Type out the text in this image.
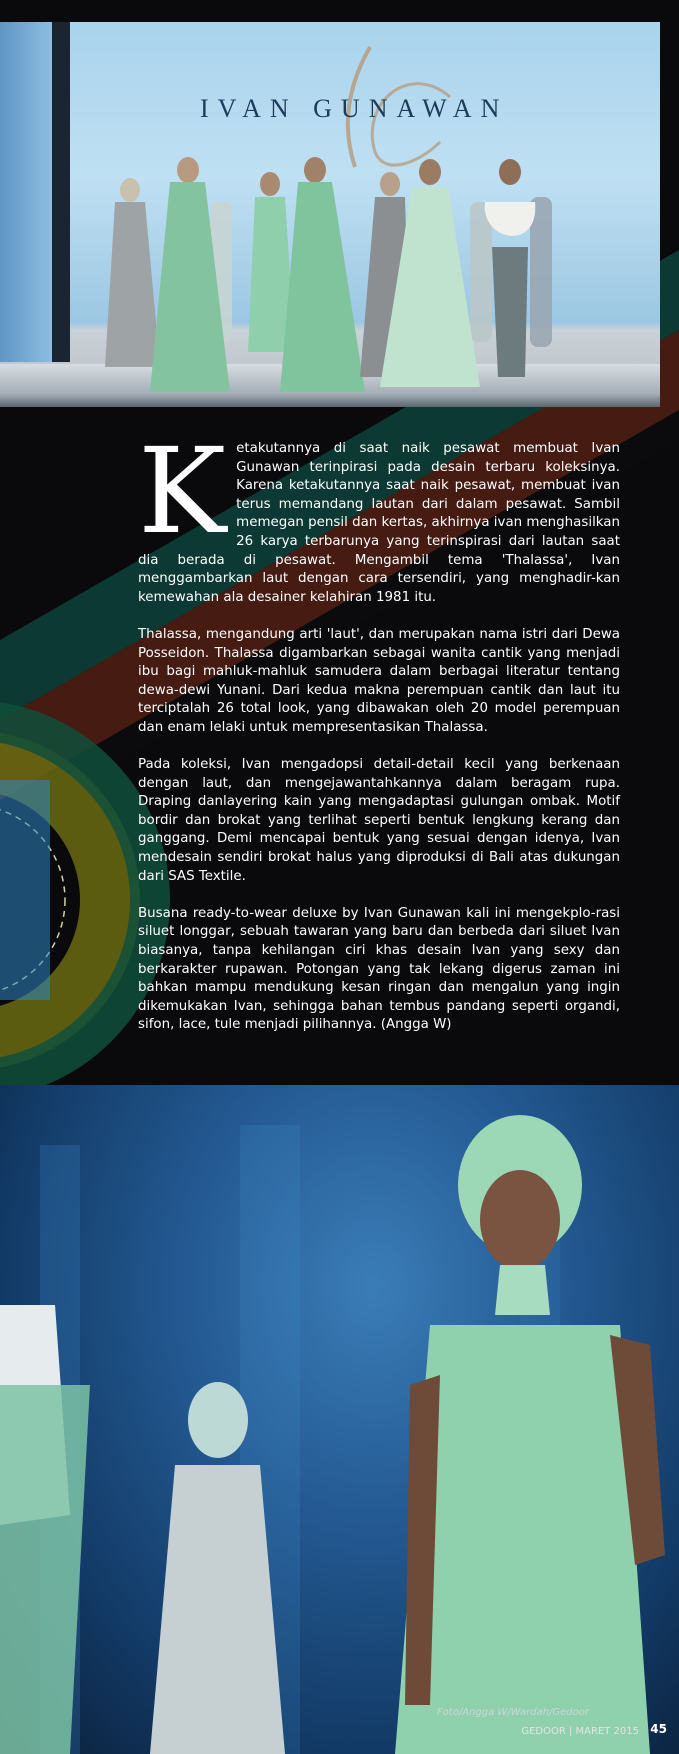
IVAN GUNAWAN
K etakutannya di saat naik pesawat membuat Ivan Gunawan terinpirasi pada desain terbaru koleksinya. Karena ketakutannya saat naik pesawat, membuat ivan terus memandang lautan dari dalam pesawat. Sambil memegan pensil dan kertas, akhirnya ivan menghasilkan 26 karya terbarunya yang terinspirasi dari lautan saat dia berada di pesawat. Mengambil tema 'Thalassa', Ivan menggambarkan laut dengan cara tersendiri, yang menghadir-kan kemewahan ala desainer kelahiran 1981 itu.

Thalassa, mengandung arti 'laut', dan merupakan nama istri dari Dewa Posseidon. Thalassa digambarkan sebagai wanita cantik yang menjadi ibu bagi mahluk-mahluk samudera dalam berbagai literatur tentang dewa-dewi Yunani. Dari kedua makna perempuan cantik dan laut itu terciptalah 26 total look, yang dibawakan oleh 20 model perempuan dan enam lelaki untuk mempresentasikan Thalassa.

Pada koleksi, Ivan mengadopsi detail-detail kecil yang berkenaan dengan laut, dan mengejawantahkannya dalam beragam rupa. Draping danlayering kain yang mengadaptasi gulungan ombak. Motif bordir dan brokat yang terlihat seperti bentuk lengkung kerang dan ganggang. Demi mencapai bentuk yang sesuai dengan idenya, Ivan mendesain sendiri brokat halus yang diproduksi di Bali atas dukungan dari SAS Textile.

Busana ready-to-wear deluxe by Ivan Gunawan kali ini mengekplo-rasi siluet longgar, sebuah tawaran yang baru dan berbeda dari siluet Ivan biasanya, tanpa kehilangan ciri khas desain Ivan yang sexy dan berkarakter rupawan. Potongan yang tak lekang digerus zaman ini bahkan mampu mendukung kesan ringan dan mengalun yang ingin dikemukakan Ivan, sehingga bahan tembus pandang seperti organdi, sifon, lace, tule menjadi pilihannya. (Angga W)

Foto/Angga W/Wardah/Gedoor
GEDOOR | MARET 2015 45
